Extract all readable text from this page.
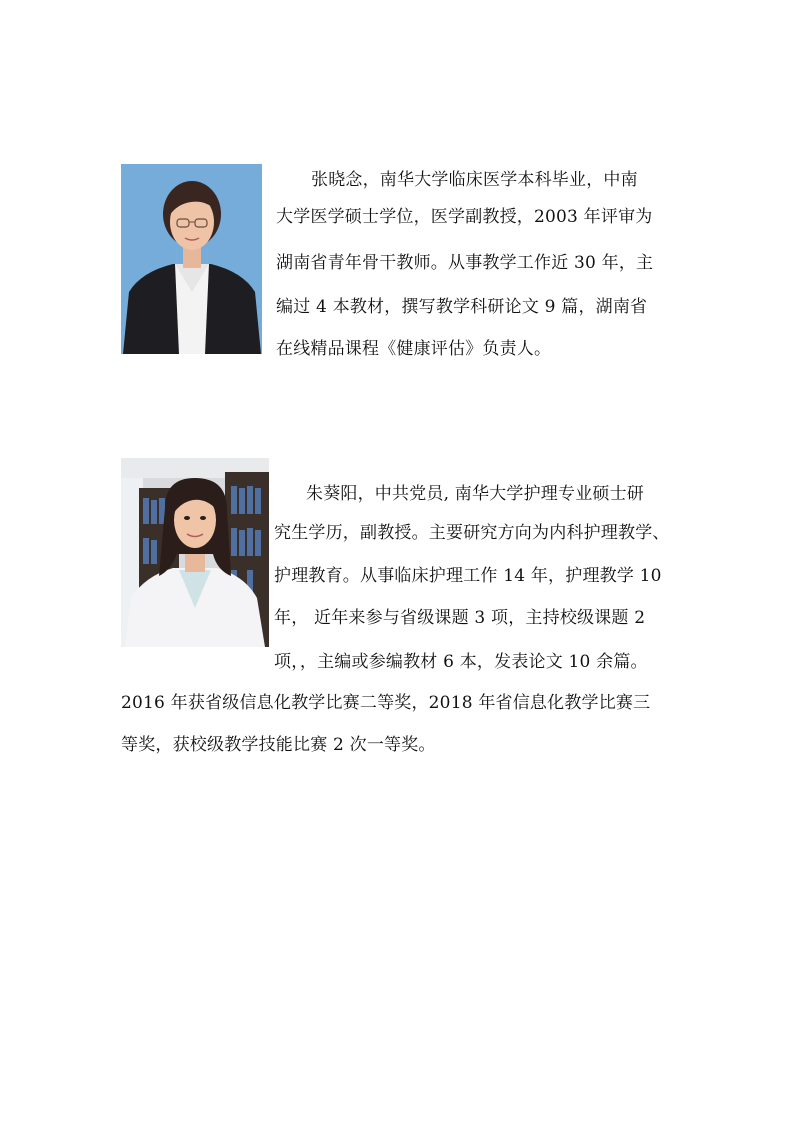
张晓念，南华大学临床医学本科毕业，中南
大学医学硕士学位，医学副教授，2003 年评审为
湖南省青年骨干教师。从事教学工作近 30 年，主
编过 4 本教材，撰写教学科研论文 9 篇，湖南省
在线精品课程《健康评估》负责人。
朱葵阳，中共党员, 南华大学护理专业硕士研
究生学历，副教授。主要研究方向为内科护理教学、
护理教育。从事临床护理工作 14 年，护理教学 10
年， 近年来参与省级课题 3 项，主持校级课题 2
项，，主编或参编教材 6 本，发表论文 10 余篇。
2016 年获省级信息化教学比赛二等奖，2018 年省信息化教学比赛三
等奖，获校级教学技能比赛 2 次一等奖。
